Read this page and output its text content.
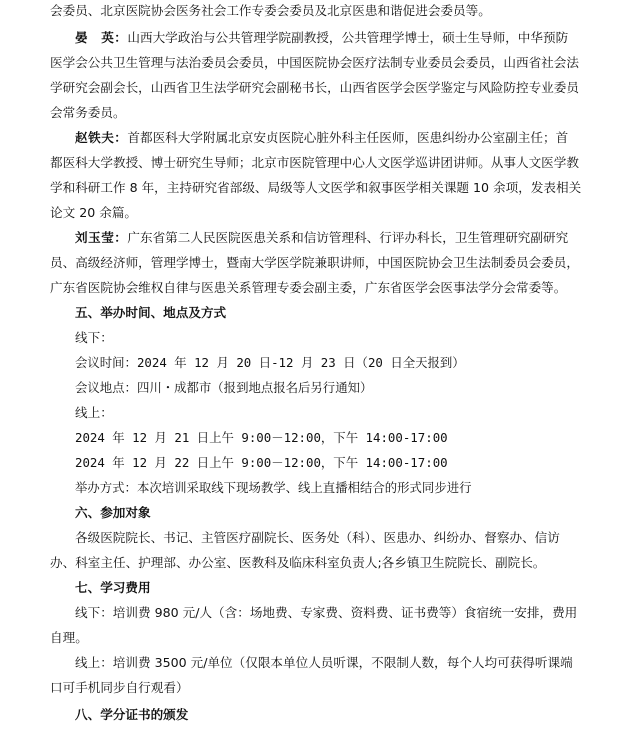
会委员、北京医院协会医务社会工作专委会委员及北京医患和谐促进会委员等。
晏　英：山西大学政治与公共管理学院副教授，公共管理学博士，硕士生导师，中华预防
医学会公共卫生管理与法治委员会委员，中国医院协会医疗法制专业委员会委员，山西省社会法
学研究会副会长，山西省卫生法学研究会副秘书长，山西省医学会医学鉴定与风险防控专业委员
会常务委员。
赵铁夫：首都医科大学附属北京安贞医院心脏外科主任医师，医患纠纷办公室副主任；首
都医科大学教授、博士研究生导师；北京市医院管理中心人文医学巡讲团讲师。从事人文医学教
学和科研工作 8 年，主持研究省部级、局级等人文医学和叙事医学相关课题 10 余项，发表相关
论文 20 余篇。
刘玉莹：广东省第二人民医院医患关系和信访管理科、行评办科长，卫生管理研究副研究
员、高级经济师，管理学博士，暨南大学医学院兼职讲师，中国医院协会卫生法制委员会委员，
广东省医院协会维权自律与医患关系管理专委会副主委，广东省医学会医事法学分会常委等。
五、举办时间、地点及方式
线下：
会议时间：2024 年 12 月 20 日-12 月 23 日（20 日全天报到）
会议地点：四川・成都市（报到地点报名后另行通知）
线上：
2024 年 12 月 21 日上午 9:00－12:00，下午 14:00-17:00
2024 年 12 月 22 日上午 9:00－12:00，下午 14:00-17:00
举办方式：本次培训采取线下现场教学、线上直播相结合的形式同步进行
六、参加对象
各级医院院长、书记、主管医疗副院长、医务处（科）、医患办、纠纷办、督察办、信访
办、科室主任、护理部、办公室、医教科及临床科室负责人;各乡镇卫生院院长、副院长。
七、学习费用
线下：培训费 980 元/人（含：场地费、专家费、资料费、证书费等）食宿统一安排，费用
自理。
线上：培训费 3500 元/单位（仅限本单位人员听课，不限制人数，每个人均可获得听课端
口可手机同步自行观看）
八、学分证书的颁发
